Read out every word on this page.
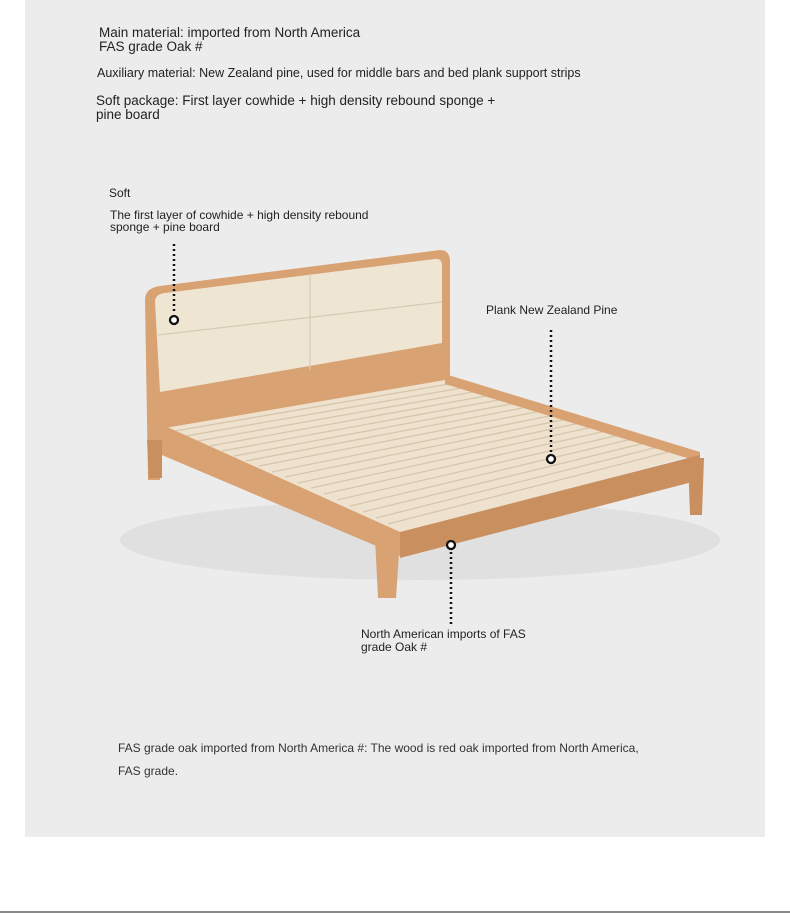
Main material: imported from North America
FAS grade Oak #
Auxiliary material: New Zealand pine, used for middle bars and bed plank support strips
Soft package: First layer cowhide + high density rebound sponge +
pine board
Soft
The first layer of cowhide + high density rebound
sponge + pine board
Plank New Zealand Pine
North American imports of FAS
grade Oak #
FAS grade oak imported from North America #: The wood is red oak imported from North America,
FAS grade.
